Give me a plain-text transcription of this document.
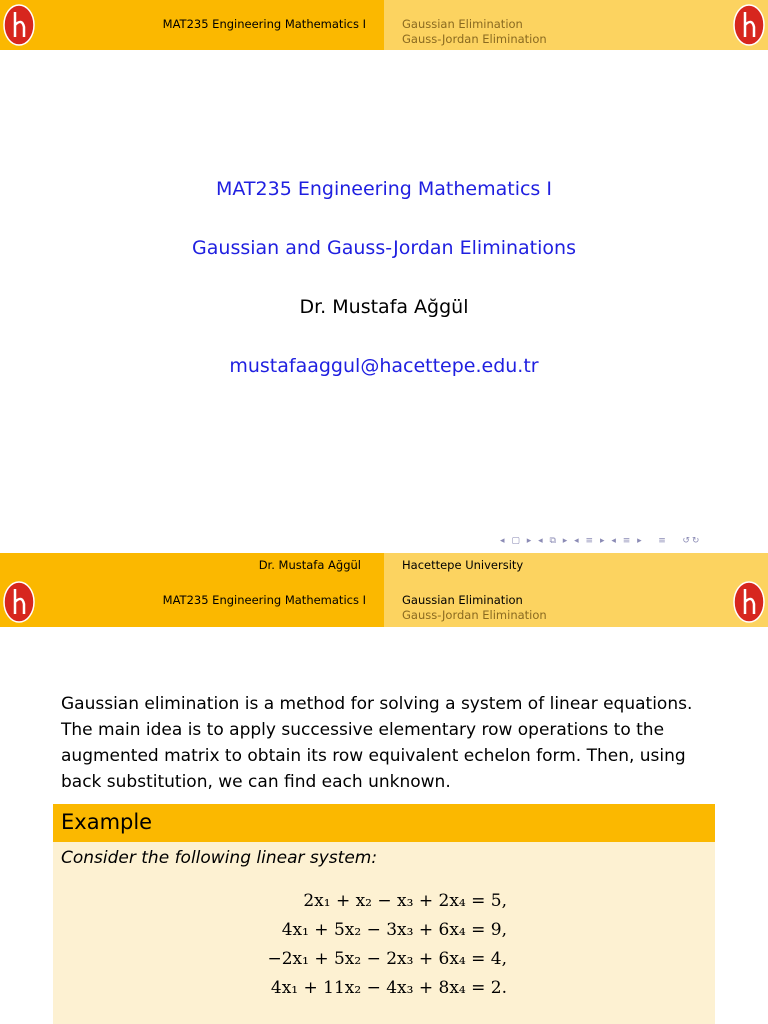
MAT235 Engineering Mathematics I	Gaussian Elimination
Gauss-Jordan Elimination
MAT235 Engineering Mathematics I
Gaussian and Gauss-Jordan Eliminations
Dr. Mustafa Ağgül
mustafaaggul@hacettepe.edu.tr
◂ ▢ ▸ ◂ ⧉ ▸ ◂ ≡ ▸ ◂ ≡ ▸   ≡   ↺↻
Dr. Mustafa Ağgül	Hacettepe University
MAT235 Engineering Mathematics I	Gaussian Elimination
Gauss-Jordan Elimination
Gaussian elimination is a method for solving a system of linear equations. The main idea is to apply successive elementary row operations to the augmented matrix to obtain its row equivalent echelon form. Then, using back substitution, we can find each unknown.
Example
Consider the following linear system:
2x₁ + x₂ − x₃ + 2x₄ = 5,
4x₁ + 5x₂ − 3x₃ + 6x₄ = 9,
−2x₁ + 5x₂ − 2x₃ + 6x₄ = 4,
4x₁ + 11x₂ − 4x₃ + 8x₄ = 2.
